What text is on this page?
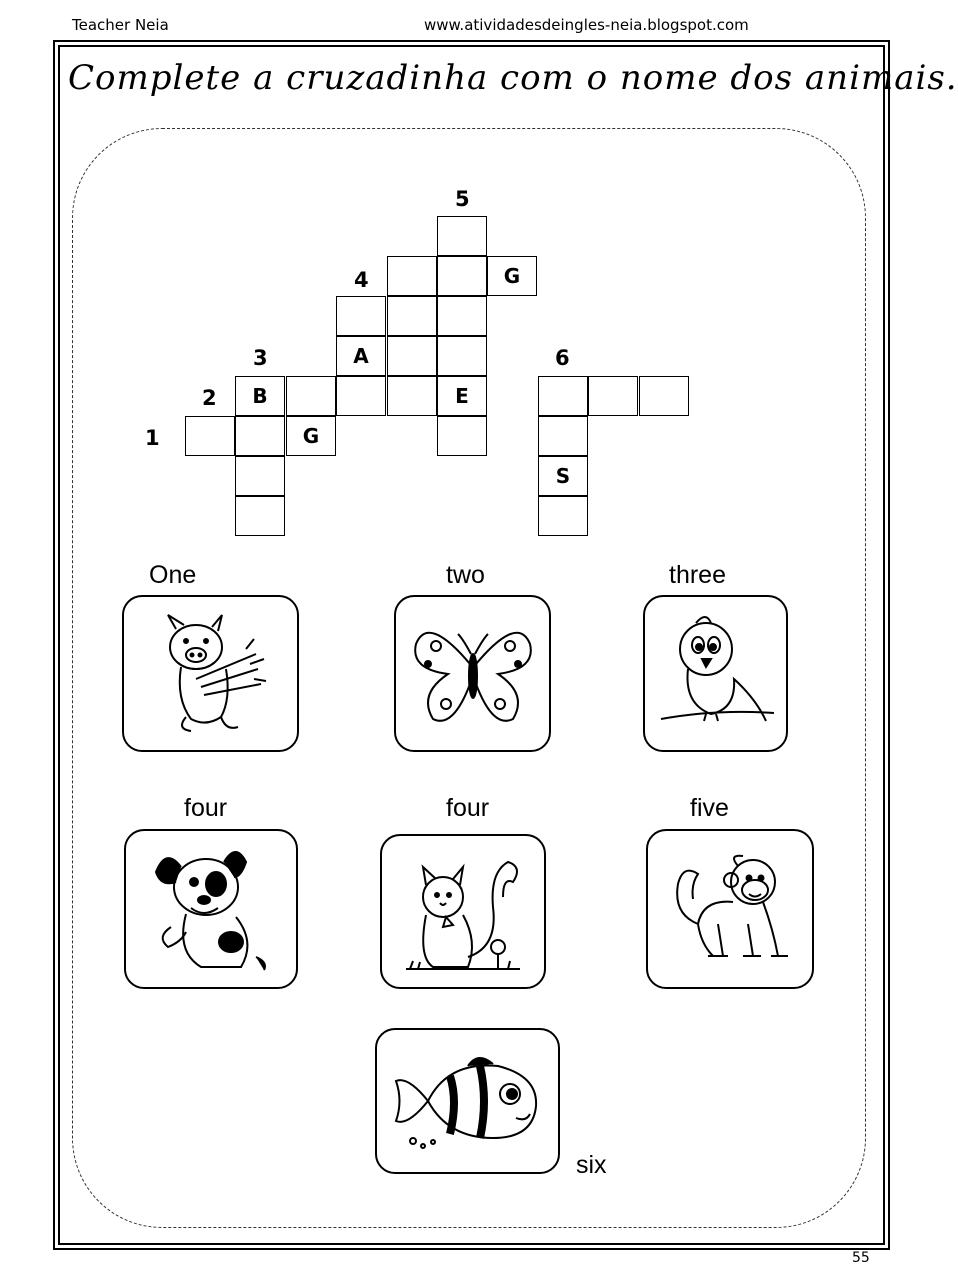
Teacher Neia	www.atividadesdeingles-neia.blogspot.com
Complete a cruzadinha com o nome dos animais.
1
2
3
4
5
6
E
G
A
B
G
S
One	two	three
four	four	five
six
55
